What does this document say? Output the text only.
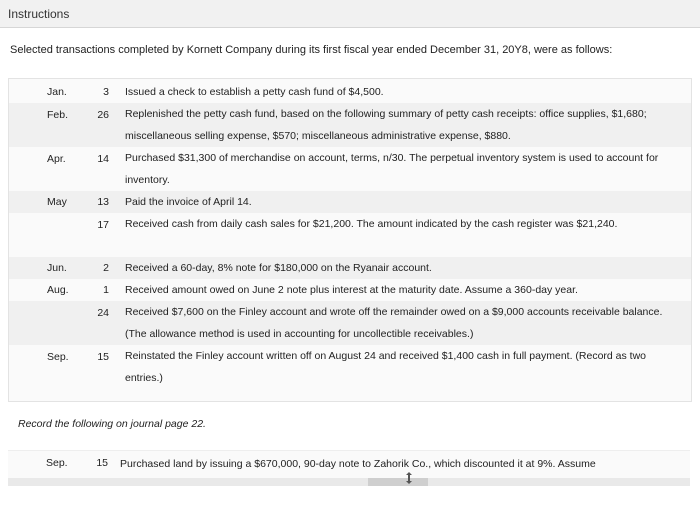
Instructions
Selected transactions completed by Kornett Company during its first fiscal year ended December 31, 20Y8, were as follows:
Jan.	3 Issued a check to establish a petty cash fund of $4,500.
Feb.	26 Replenished the petty cash fund, based on the following summary of petty cash receipts: office supplies, $1,680; miscellaneous selling expense, $570; miscellaneous administrative expense, $880.
Apr.	14 Purchased $31,300 of merchandise on account, terms, n/30. The perpetual inventory system is used to account for inventory.
May	13 Paid the invoice of April 14.
17 Received cash from daily cash sales for $21,200. The amount indicated by the cash register was $21,240.
Jun.	2 Received a 60-day, 8% note for $180,000 on the Ryanair account.
Aug.	1 Received amount owed on June 2 note plus interest at the maturity date. Assume a 360-day year.
24 Received $7,600 on the Finley account and wrote off the remainder owed on a $9,000 accounts receivable balance. (The allowance method is used in accounting for uncollectible receivables.)
Sep.	15 Reinstated the Finley account written off on August 24 and received $1,400 cash in full payment. (Record as two entries.)
Record the following on journal page 22.
Sep.	15 Purchased land by issuing a $670,000, 90-day note to Zahorik Co., which discounted it at 9%. Assume
